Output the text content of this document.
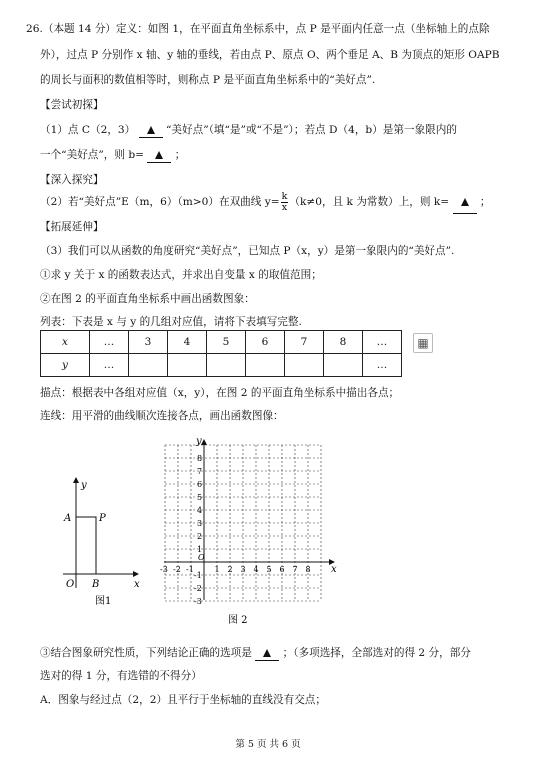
26.（本题 14 分）定义：如图 1，在平面直角坐标系中，点 P 是平面内任意一点（坐标轴上的点除
外），过点 P 分别作 x 轴、y 轴的垂线，若由点 P、原点 O、两个垂足 A、B 为顶点的矩形 OAPB
的周长与面积的数值相等时，则称点 P 是平面直角坐标系中的“美好点”.
【尝试初探】
（1）点 C（2，3）	“美好点”（填“是”或“不是”）；若点 D（4，b）是第一象限内的
一个“美好点”，则 b=	；
【深入探究】
（2）若“美好点”E（m，6）（m>0）在双曲线 $y= \frac{k}{x} (k\ne 0$，且 k 为常数）上，则 k=	；
【拓展延伸】
（3）我们可以从函数的角度研究“美好点”，已知点 P（x，y）是第一象限内的“美好点”.
①求 y 关于 x 的函数表达式，并求出自变量 x 的取值范围；
②在图 2 的平面直角坐标系中画出函数图象：
列表：下表是 x 与 y 的几组对应值，请将下表填写完整.
x	…	3	4	5	6	7	8	…
y	…							…
▦
描点：根据表中各组对应值（x，y），在图 2 的平面直角坐标系中描出各点；
连线：用平滑的曲线顺次连接各点，画出函数图像：
y
A	P
O B	x
图1
-3 -2 -1	1 2 3 4 5 6 7 8
8
7
6
5
4
3
2
1
-1
-2
-3
y
x
O
图 2
③结合图象研究性质，下列结论正确的选项是	；（多项选择，全部选对的得 2 分，部分
选对的得 1 分，有选错的不得分）
A．图象与经过点（2，2）且平行于坐标轴的直线没有交点；
第 5 页 共 6 页
